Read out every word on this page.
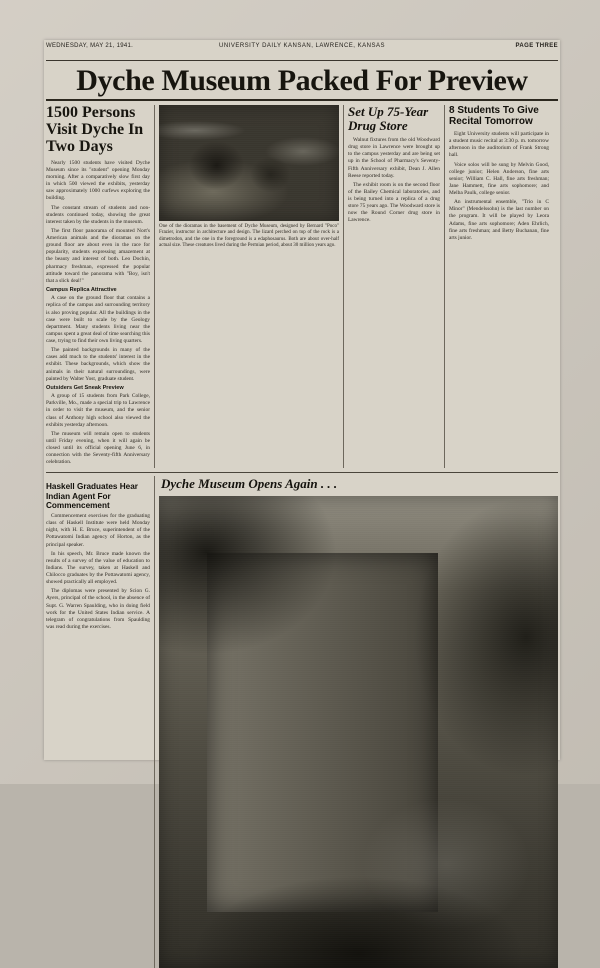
WEDNESDAY, MAY 21, 1941.	UNIVERSITY DAILY KANSAN, LAWRENCE, KANSAS	PAGE THREE
Dyche Museum Packed For Preview
1500 Persons Visit Dyche In Two Days

Nearly 1500 students have visited Dyche Museum since its "student" opening Monday morning. After a comparatively slow first day in which 500 viewed the exhibits, yesterday saw approximately 1000 curfews exploring the building.

The constant stream of students and non-students continued today, showing the great interest taken by the students in the museum.

The first floor panorama of mounted Nort's American animals and the dioramas on the ground floor are about even in the race for popularity, students expressing amazement at the beauty and interest of both. Leo Dochin, pharmacy freshman, expressed the popular attitude toward the panorama with "Boy, isn't that a slick deal!"

Campus Replica Attractive

A case on the ground floor that contains a replica of the campus and surrounding territory is also proving popular. All the buildings in the case were built to scale by the Geology department. Many students living near the campus spent a great deal of time searching this case, trying to find their own living quarters.

The painted backgrounds in many of the cases add much to the students' interest in the exhibit. These backgrounds, which show the animals in their natural surroundings, were painted by Walter Yost, graduate student.

Outsiders Get Sneak Preview

A group of 15 students from Park College, Parkville, Mo., made a special trip to Lawrence in order to visit the museum, and the senior class of Anthony high school also viewed the exhibits yesterday afternoon.

The museum will remain open to students until Friday evening, when it will again be closed until its official opening June 6, in connection with the Seventy-fifth Anniversary celebration.

One of the dioramas in the basement of Dyche Museum, designed by Bernard "Poco" Frazier, instructor in architecture and design. The lizard perched on top of the rock is a dimetrodon, and the one in the foreground is a edaphosaurus. Both are about over-half actual size. These creatures lived during the Permian period, about 30 million years ago.
Set Up 75-Year Drug Store

Walnut fixtures from the old Woodward drug store in Lawrence were brought up to the campus yesterday and are being set up in the School of Pharmacy's Seventy-Fifth Anniversary exhibit, Dean J. Allen Reese reported today.

The exhibit room is on the second floor of the Bailey Chemical laboratories, and is being turned into a replica of a drug store 75 years ago. The Woodward store is now the Round Corner drug store in Lawrence.

8 Students To Give Recital Tomorrow

Eight University students will participate in a student music recital at 3:30 p. m. tomorrow afternoon in the auditorium of Frank Strong hall.

Voice solos will be sung by Melvin Good, college junior; Helen Anderson, fine arts senior; William C. Hall, fine arts freshman; Jane Hammett, fine arts sophomore; and Melba Paulk, college senior.

An instrumental ensemble, "Trio in C Minor" (Mendelssohn) is the last number on the program. It will be played by Leora Adams, fine arts sophomore; Aden Ehrlich, fine arts freshman; and Betty Buchanan, fine arts junior.

Haskell Graduates Hear Indian Agent For Commencement

Commencement exercises for the graduating class of Haskell Institute were held Monday night, with H. E. Bruce, superintendent of the Pottawatomi Indian agency of Horton, as the principal speaker.

In his speech, Mr. Bruce made known the results of a survey of the value of education to Indians. The survey, taken at Haskell and Chilocco graduates by the Pottawatomi agency, showed practically all employed.

The diplomas were presented by Scion G. Ayers, principal of the school, in the absence of Supt. G. Warren Spaulding, who in doing field work for the United States Indian service. A telegram of congratulations from Spaulding was read during the exercises.

Dyche Museum Opens Again . . .
